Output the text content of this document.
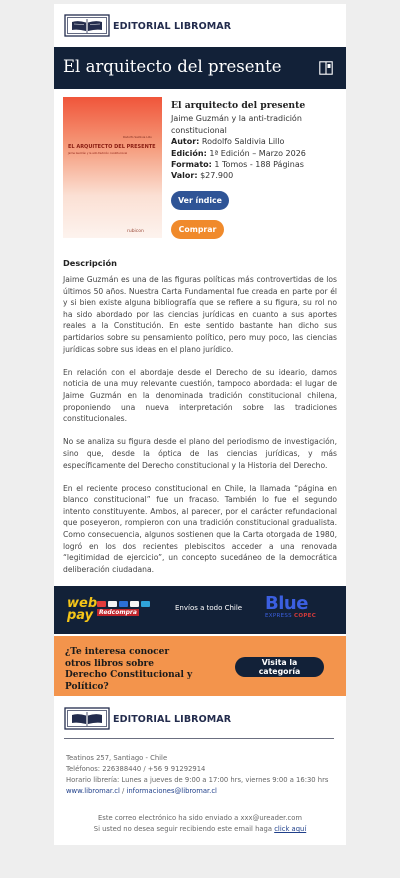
EDITORIAL LIBROMAR
El arquitecto del presente
Rodolfo Saldivia Lillo
EL ARQUITECTO DEL PRESENTE
Jaime Guzmán y la anti-tradición constitucional
rubicon
El arquitecto del presente
Jaime Guzmán y la anti-tradición constitucional
Autor: Rodolfo Saldivia Lillo
Edición: 1ª Edición – Marzo 2026
Formato: 1 Tomos - 188 Páginas
Valor: $27.900
Ver índice
Comprar
Descripción

Jaime Guzmán es una de las figuras políticas más controvertidas de los últimos 50 años. Nuestra Carta Fundamental fue creada en parte por él y si bien existe alguna bibliografía que se refiere a su figura, su rol no ha sido abordado por las ciencias jurídicas en cuanto a sus aportes reales a la Constitución. En este sentido bastante han dicho sus partidarios sobre su pensamiento político, pero muy poco, las ciencias jurídicas sobre sus ideas en el plano jurídico.

En relación con el abordaje desde el Derecho de su ideario, damos noticia de una muy relevante cuestión, tampoco abordada: el lugar de Jaime Guzmán en la denominada tradición constitucional chilena, proponiendo una nueva interpretación sobre las tradiciones constitucionales.

No se analiza su figura desde el plano del periodismo de investigación, sino que, desde la óptica de las ciencias jurídicas, y más específicamente del Derecho constitucional y la Historia del Derecho.

En el reciente proceso constitucional en Chile, la llamada “página en blanco constitucional” fue un fracaso. También lo fue el segundo intento constituyente. Ambos, al parecer, por el carácter refundacional que poseyeron, rompieron con una tradición constitucional gradualista. Como consecuencia, algunos sostienen que la Carta otorgada de 1980, logró en los dos recientes plebiscitos acceder a una renovada “legitimidad de ejercicio”, un concepto sucedáneo de la democrática deliberación ciudadana.

web
pay Redcompra
Envíos a todo Chile Blue
EXPRESS COPEC
¿Te interesa conocer otros libros sobre Derecho Constitucional y Político?
Visita la categoría
EDITORIAL LIBROMAR
Teatinos 257, Santiago - Chile
Teléfonos: 226388440 / +56 9 91292914
Horario librería: Lunes a jueves de 9:00 a 17:00 hrs, viernes 9:00 a 16:30 hrs
www.libromar.cl / informaciones@libromar.cl
Este correo electrónico ha sido enviado a xxx@ureader.com
Si usted no desea seguir recibiendo este email haga click aquí
